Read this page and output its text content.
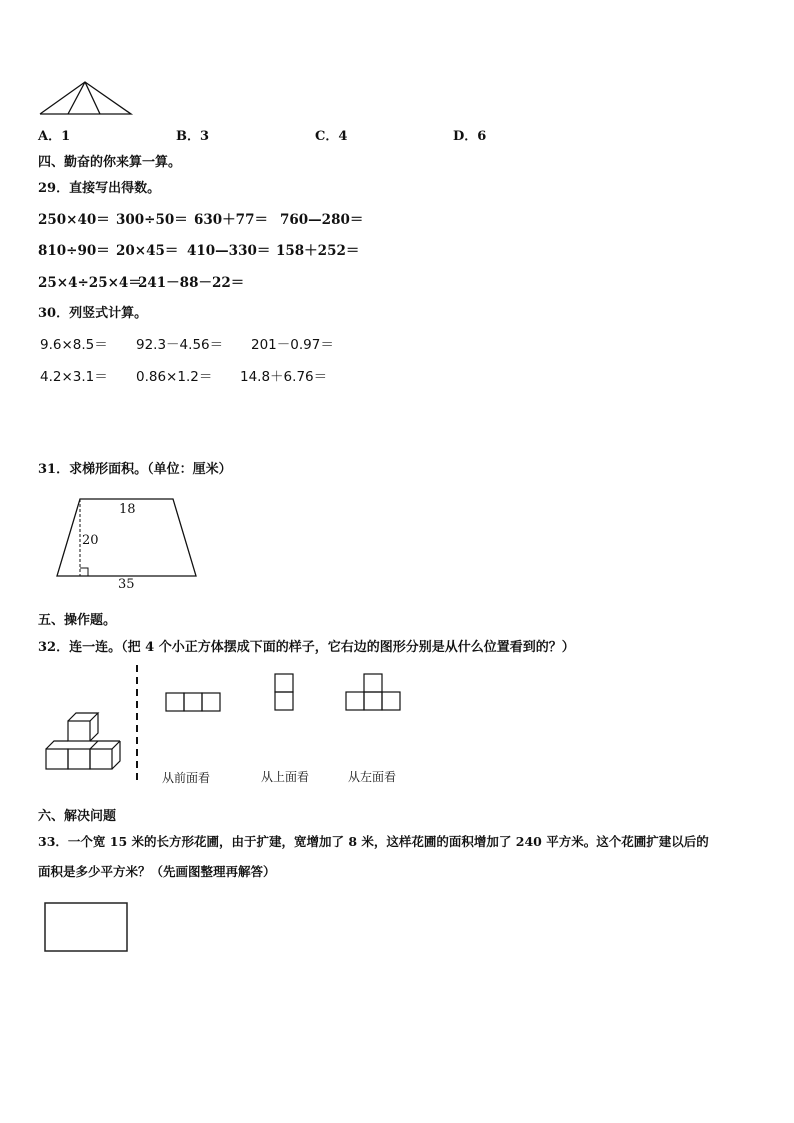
A．1	B．3	C．4	D．6
四、勤奋的你来算一算。
29．直接写出得数。
250×40＝ 300÷50＝ 630＋77＝ 760—280＝
810÷90＝ 20×45＝ 410—330＝ 158＋252＝
25×4÷25×4＝
241－88－22＝
30．列竖式计算。
9.6×8.5＝ 92.3－4.56＝ 201－0.97＝
4.2×3.1＝ 0.86×1.2＝ 14.8＋6.76＝
31．求梯形面积。（单位：厘米）
18
20
35
五、操作题。
32．连一连。（把 4 个小正方体摆成下面的样子，它右边的图形分别是从什么位置看到的？）
从前面看	从上面看	从左面看
六、解决问题
33．一个宽 15 米的长方形花圃，由于扩建，宽增加了 8 米，这样花圃的面积增加了 240 平方米。这个花圃扩建以后的
面积是多少平方米？（先画图整理再解答）
